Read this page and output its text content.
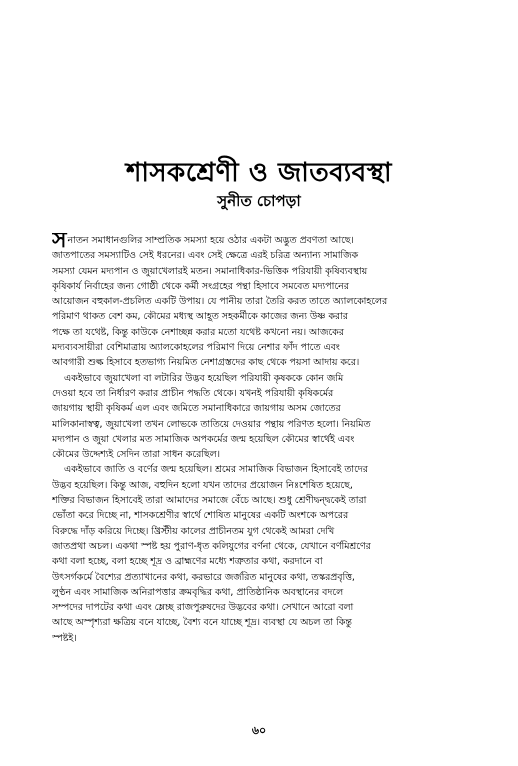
শাসকশ্রেণী ও জাতব্যবস্থা
সুনীত চোপড়া
সনাতন সমাধানগুলির সাম্প্রতিক সমস্যা হয়ে ওঠার একটা অদ্ভুত প্রবণতা আছে।
জাতপাতের সমস্যাটিও সেই ধরনের। এবং সেই ক্ষেত্রে এরই চরিত্র অন্যান্য সামাজিক
সমস্যা যেমন মদ্যপান ও জুয়াখেলারই মতন। সমানাধিকার-ভিত্তিক পরিযায়ী কৃষিব্যবস্থায়
কৃষিকার্য নির্বাহের জন্য গোষ্ঠী থেকে কর্মী সংগ্রহের পন্থা হিসাবে সমবেত মদ্যপানের
আয়োজন বহুকাল-প্রচলিত একটি উপায়। যে পানীয় তারা তৈরি করত তাতে অ্যালকোহলের
পরিমাণ থাকত বেশ কম, কৌমের মধ্যস্থ আহূত সহকর্মীকে কাজের জন্য উষ্ণ করার
পক্ষে তা যথেষ্ট, কিন্তু কাউকে নেশাচ্ছন্ন করার মতো যথেষ্ট কখনো নয়। আজকের
মদ্যব্যবসায়ীরা বেশিমাত্রায় অ্যালকোহলের পরিমাণ দিয়ে নেশার ফাঁদ পাতে এবং
আবগারী শুল্ক হিসাবে হতভাগ্য নিয়মিত নেশাগ্রস্তদের কাছ থেকে পয়সা আদায় করে।
একইভাবে জুয়াখেলা বা লটারির উদ্ভব হয়েছিল পরিযায়ী কৃষককে কোন জমি
দেওয়া হবে তা নির্ধারণ করার প্রাচীন পদ্ধতি থেকে। যখনই পরিযায়ী কৃষিকর্মের
জায়গায় স্থায়ী কৃষিকর্ম এল এবং জমিতে সমানাধিকারে জায়গায় অসম জোতের
মালিকানাস্বত্ব, জুয়াখেলা তখন লোভকে তাতিয়ে দেওয়ার পন্থায় পরিণত হলো। নিয়মিত
মদ্যপান ও জুয়া খেলার মত সামাজিক অপকর্মের জন্ম হয়েছিল কৌমের স্বার্থেই এবং
কৌমের উদ্দেশ্যই সেদিন তারা সাধন করেছিল।
একইভাবে জাতি ও বর্ণের জন্ম হয়েছিল। শ্রমের সামাজিক বিভাজন হিসাবেই তাদের
উদ্ভব হয়েছিল। কিন্তু আজ, বহুদিন হলো যখন তাদের প্রয়োজন নিঃশেষিত হয়েছে,
শক্তির বিভাজন হিসাবেই তারা আমাদের সমাজে বেঁচে আছে। শুধু শ্রেণীদ্বন্দ্বকেই তারা
ভোঁতা করে দিচ্ছে না, শাসকশ্রেণীর স্বার্থে শোষিত মানুষের একটি অংশকে অপরের
বিরুদ্ধে দাঁড় করিয়ে দিচ্ছে। খ্রিস্টীয় কালের প্রাচীনতম যুগ থেকেই আমরা দেখি
জাতপ্রথা অচল। একথা স্পষ্ট হয় পুরাণ-ধৃত কলিযুগের বর্ণনা থেকে, যেখানে বর্ণমিশ্রণের
কথা বলা হচ্ছে, বলা হচ্ছে শূদ্র ও ব্রাহ্মণের মধ্যে শত্রুতার কথা, করদানে বা
উৎসর্গকর্মে বৈশ্যের প্রত্যাখানের কথা, করভারে জর্জরিত মানুষের কথা, তস্করপ্রবৃত্তি,
লুণ্ঠন এবং সামাজিক অনিরাপত্তার ক্রমবৃদ্ধির কথা, প্রাতিষ্ঠানিক অবস্থানের বদলে
সম্পদের দাপটের কথা এবং ম্লেচ্ছ রাজপুরুষদের উদ্ভবের কথা। সেখানে আরো বলা
আছে অস্পৃশ্যরা ক্ষত্রিয় বনে যাচ্ছে, বৈশ্য বনে যাচ্ছে শূদ্র। ব্যবস্থা যে অচল তা কিন্তু
স্পষ্টই।
৬০
